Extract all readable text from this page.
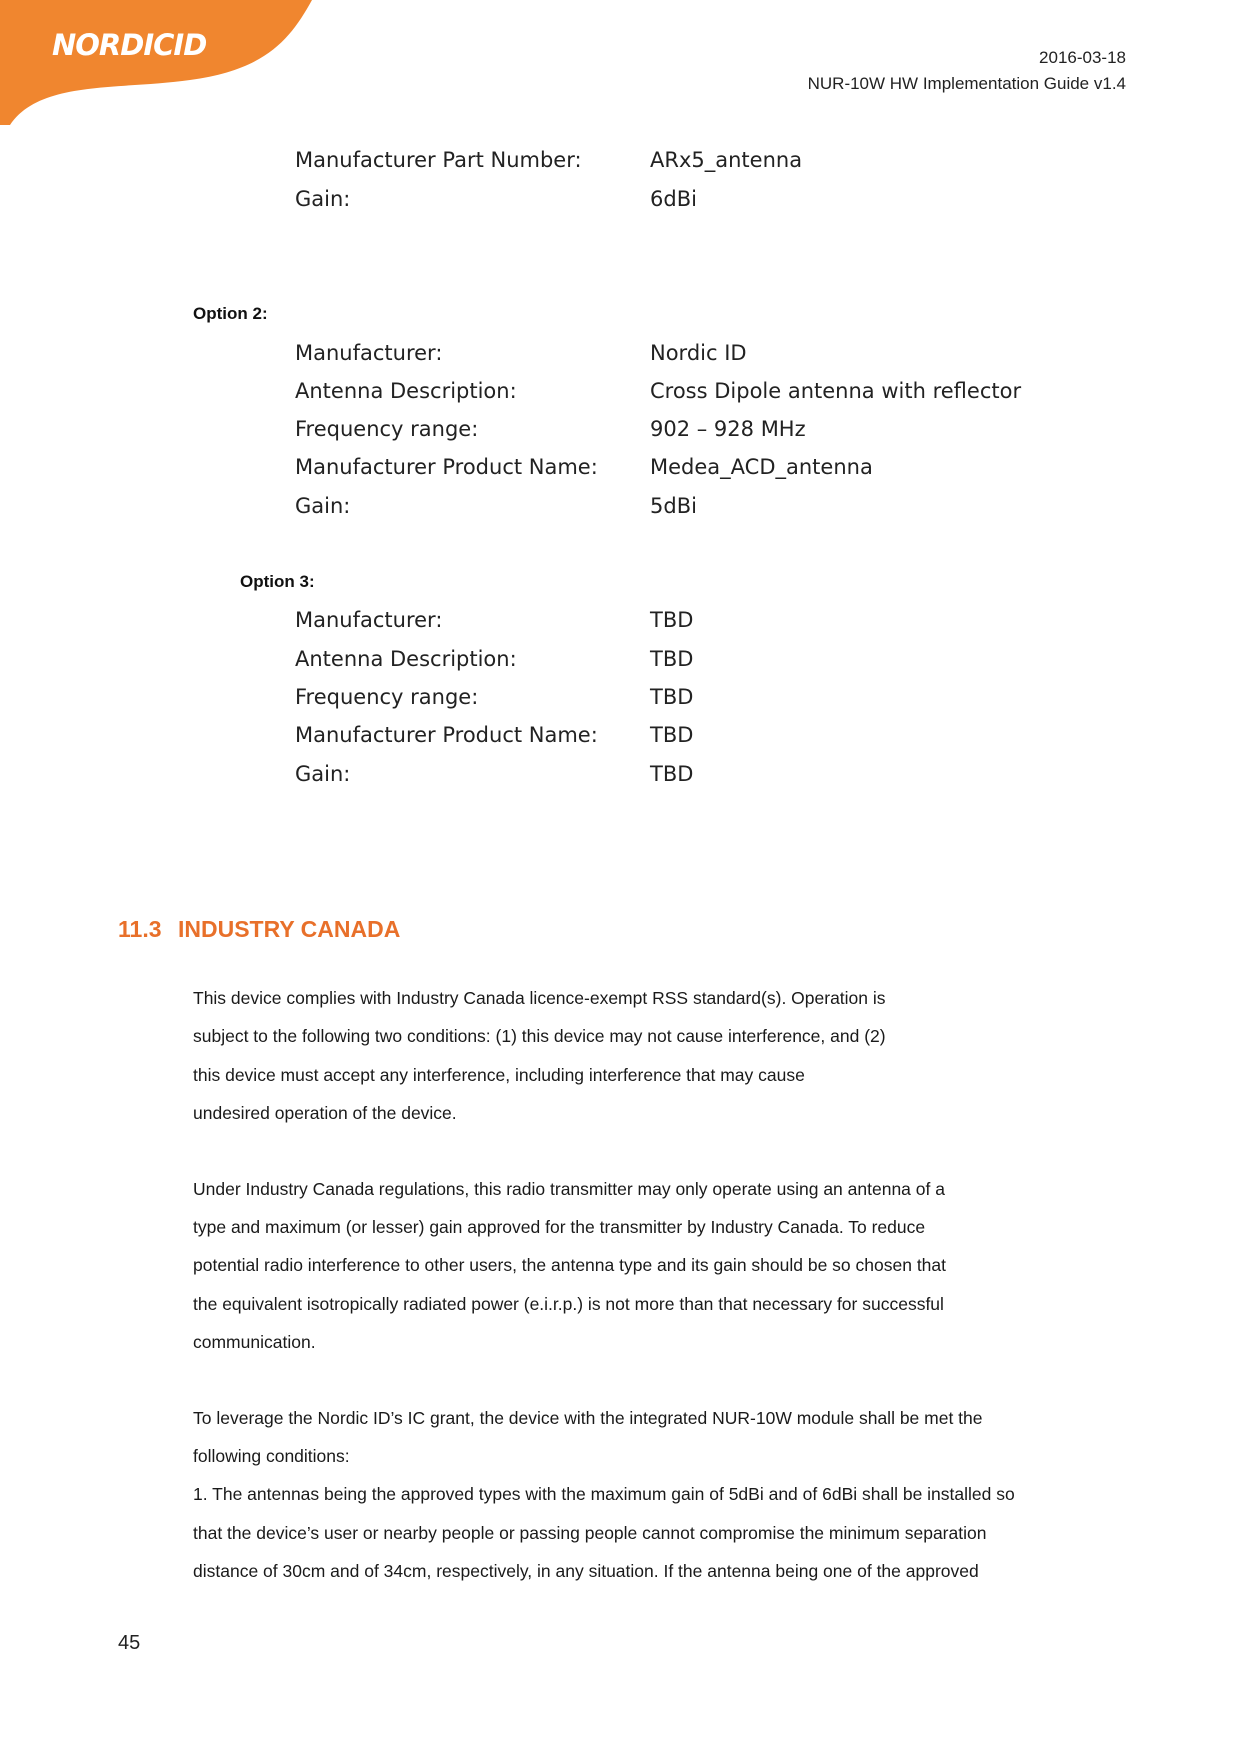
NORDICID	2016-03-18
NUR-10W HW Implementation Guide v1.4
Manufacturer Part Number:	ARx5_antenna
Gain:	6dBi
Option 2:
Manufacturer:	Nordic ID
Antenna Description:	Cross Dipole antenna with reflector
Frequency range:	902 – 928 MHz
Manufacturer Product Name: Medea_ACD_antenna
Gain:	5dBi
Option 3:
Manufacturer:	TBD
Antenna Description:	TBD
Frequency range:	TBD
Manufacturer Product Name: TBD
Gain:	TBD
11.3 INDUSTRY CANADA
This device complies with Industry Canada licence-exempt RSS standard(s). Operation is
subject to the following two conditions: (1) this device may not cause interference, and (2)
this device must accept any interference, including interference that may cause
undesired operation of the device.
Under Industry Canada regulations, this radio transmitter may only operate using an antenna of a
type and maximum (or lesser) gain approved for the transmitter by Industry Canada. To reduce
potential radio interference to other users, the antenna type and its gain should be so chosen that
the equivalent isotropically radiated power (e.i.r.p.) is not more than that necessary for successful
communication.
To leverage the Nordic ID’s IC grant, the device with the integrated NUR-10W module shall be met the
following conditions:
1. The antennas being the approved types with the maximum gain of 5dBi and of 6dBi shall be installed so
that the device’s user or nearby people or passing people cannot compromise the minimum separation
distance of 30cm and of 34cm, respectively, in any situation. If the antenna being one of the approved
45
